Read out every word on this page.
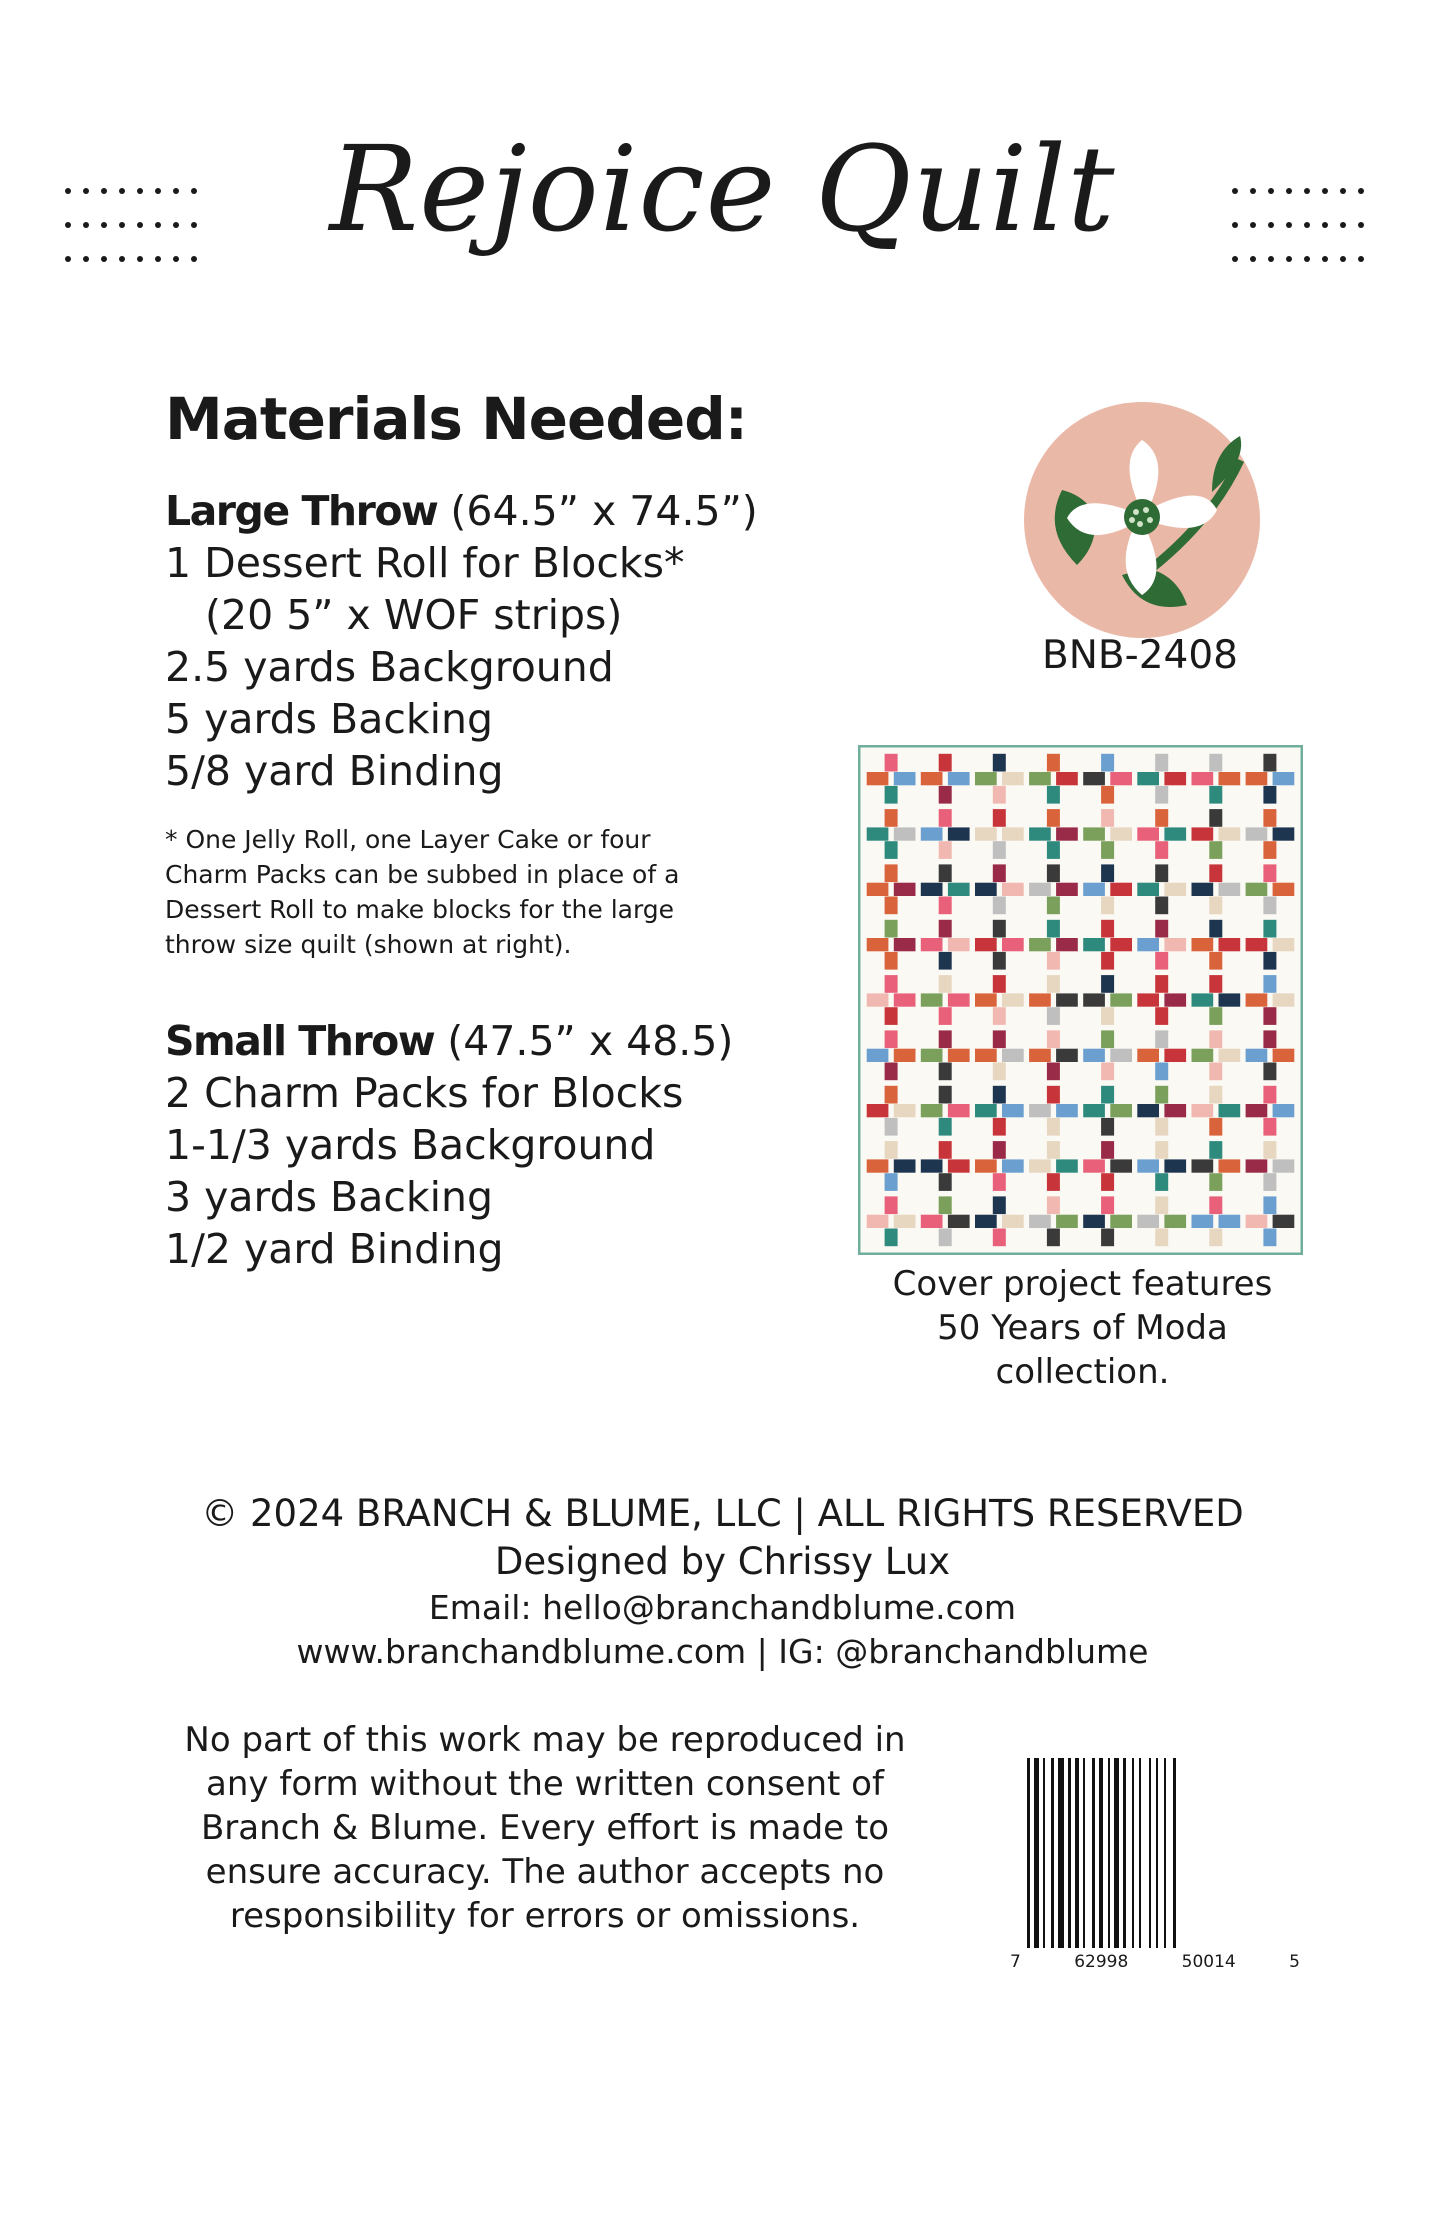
Rejoice Quilt
Materials Needed:
Large Throw (64.5” x 74.5”)
1 Dessert Roll for Blocks*
(20 5” x WOF strips)
2.5 yards Background
5 yards Backing
5/8 yard Binding
* One Jelly Roll, one Layer Cake or four
Charm Packs can be subbed in place of a
Dessert Roll to make blocks for the large
throw size quilt (shown at right).
Small Throw (47.5” x 48.5)
2 Charm Packs for Blocks
1-1/3 yards Background
3 yards Backing
1/2 yard Binding
BNB-2408
Cover project features
50 Years of Moda
collection.
© 2024 BRANCH & BLUME, LLC | ALL RIGHTS RESERVED
Designed by Chrissy Lux
Email: hello@branchandblume.com
www.branchandblume.com | IG: @branchandblume
No part of this work may be reproduced in
any form without the written consent of
Branch & Blume. Every effort is made to
ensure accuracy. The author accepts no
responsibility for errors or omissions.
7	62998	50014	5
